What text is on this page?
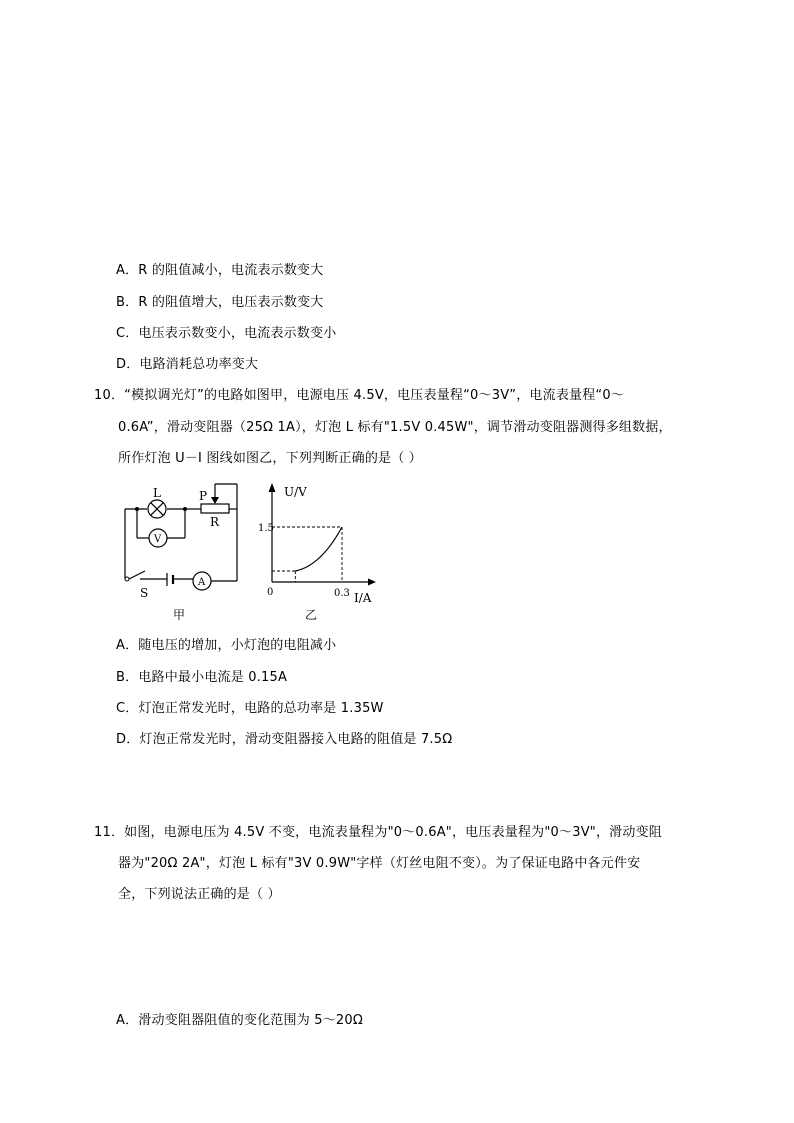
A．R 的阻值减小，电流表示数变大
B．R 的阻值增大，电压表示数变大
C．电压表示数变小，电流表示数变小
D．电路消耗总功率变大
10．“模拟调光灯”的电路如图甲，电源电压 4.5V，电压表量程“0～3V”，电流表量程“0～
0.6A”，滑动变阻器（25Ω 1A），灯泡 L 标有"1.5V 0.45W"，调节滑动变阻器测得多组数据，
所作灯泡 U－I 图线如图乙，下列判断正确的是（ ）
L	P
R
V
A
S
甲
U/V
I/A
1.5
0.3
0
乙
A．随电压的增加，小灯泡的电阻减小
B．电路中最小电流是 0.15A
C．灯泡正常发光时，电路的总功率是 1.35W
D．灯泡正常发光时，滑动变阻器接入电路的阻值是 7.5Ω
11．如图，电源电压为 4.5V 不变，电流表量程为"0～0.6A"，电压表量程为"0～3V"，滑动变阻
器为"20Ω 2A"，灯泡 L 标有"3V 0.9W"字样（灯丝电阻不变）。为了保证电路中各元件安
全，下列说法正确的是（ ）
A．滑动变阻器阻值的变化范围为 5～20Ω
